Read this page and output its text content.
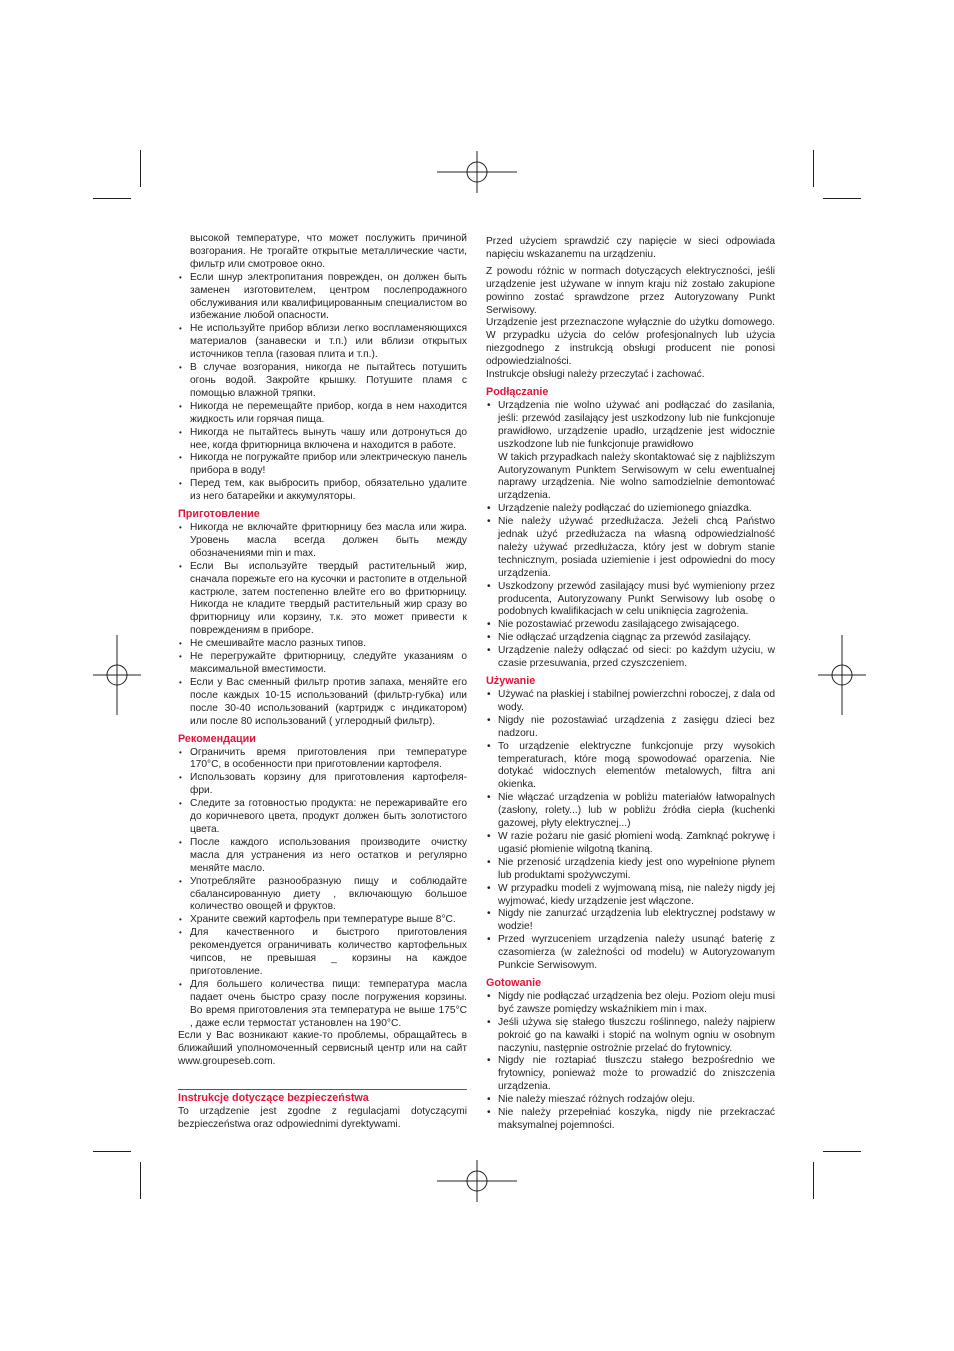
высокой температуре, что может послужить причиной возгорания. Не трогайте открытые металлические части, фильтр или смотровое окно.

• Если шнур электропитания поврежден, он должен быть заменен изготовителем, центром послепродажного обслуживания или квалифицированным специалистом во избежание любой опасности.
• Не используйте прибор вблизи легко воспламеняющихся материалов (занавески и т.п.) или вблизи открытых источников тепла (газовая плита и т.п.).
• В случае возгорания, никогда не пытайтесь потушить огонь водой. Закройте крышку. Потушите пламя с помощью влажной тряпки.
• Никогда не перемещайте прибор, когда в нем находится жидкость или горячая пища.
• Никогда не пытайтесь вынуть чашу или дотронуться до нее, когда фритюрница включена и находится в работе.
• Никогда не погружайте прибор или электрическую панель прибора в воду!
• Перед тем, как выбросить прибор, обязательно удалите из него батарейки и аккумуляторы.
Приготовление
• Никогда не включайте фритюрницу без масла или жира. Уровень масла всегда должен быть между обозначениями min и max.
• Если Вы используйте твердый растительный жир, сначала порежьте его на кусочки и растопите в отдельной кастрюле, затем постепенно влейте его во фритюрницу. Никогда не кладите твердый растительный жир сразу во фритюрницу или корзину, т.к. это может привести к повреждениям в приборе.
• Не смешивайте масло разных типов.
• Не перегружайте фритюрницу, следуйте указаниям о максимальной вместимости.
• Если у Вас сменный фильтр против запаха, меняйте его после каждых 10-15 использований (фильтр-губка) или после 30-40 использований (картридж с индикатором) или после 80 использований ( углеродный фильтр).
Рекомендации
• Ограничить время приготовления при температуре 170°C, в особенности при приготовлении картофеля.
• Использовать корзину для приготовления картофеля-фри.
• Следите за готовностью продукта: не пережаривайте его до коричневого цвета, продукт должен быть золотистого цвета.
• После каждого использования производите очистку масла для устранения из него остатков и регулярно меняйте масло.
• Употребляйте разнообразную пищу и соблюдайте сбалансированную диету , включающую большое количество овощей и фруктов.
• Храните свежий картофель при температуре выше 8°C.
• Для качественного и быстрого приготовления рекомендуется ограничивать количество картофельных чипсов, не превышая _ корзины на каждое приготовление.
• Для большего количества пищи: температура масла падает очень быстро сразу после погружения корзины. Во время приготовления эта температура не выше 175°C , даже если термостат установлен на 190°C.

Если у Вас возникают какие-то проблемы, обращайтесь в ближайший уполномоченный сервисный центр или на сайт www.groupeseb.com.

Instrukcje dotyczące bezpieczeństwa

To urządzenie jest zgodne z regulacjami dotyczącymi bezpieczeństwa oraz odpowiednimi dyrektywami.

Przed użyciem sprawdzić czy napięcie w sieci odpowiada napięciu wskazanemu na urządzeniu.

Z powodu różnic w normach dotyczących elektryczności, jeśli urządzenie jest używane w innym kraju niż zostało zakupione powinno zostać sprawdzone przez Autoryzowany Punkt Serwisowy.

Urządzenie jest przeznaczone wyłącznie do użytku domowego. W przypadku użycia do celów profesjonalnych lub użycia niezgodnego z instrukcją obsługi producent nie ponosi odpowiedzialności.

Instrukcje obsługi należy przeczytać i zachować.

Podłączanie

• Urządzenia nie wolno używać ani podłączać do zasilania, jeśli: przewód zasilający jest uszkodzony lub nie funkcjonuje prawidłowo, urządzenie upadło, urządzenie jest widocznie uszkodzone lub nie funkcjonuje prawidłowo

W takich przypadkach należy skontaktować się z najbliższym Autoryzowanym Punktem Serwisowym w celu ewentualnej naprawy urządzenia. Nie wolno samodzielnie demontować urządzenia.

• Urządzenie należy podłączać do uziemionego gniazdka.
• Nie należy używać przedłużacza. Jeżeli chcą Państwo jednak użyć przedłużacza na własną odpowiedzialność należy używać przedłużacza, który jest w dobrym stanie technicznym, posiada uziemienie i jest odpowiedni do mocy urządzenia.
• Uszkodzony przewód zasilający musi być wymieniony przez producenta, Autoryzowany Punkt Serwisowy lub osobę o podobnych kwalifikacjach w celu uniknięcia zagrożenia.
• Nie pozostawiać przewodu zasilającego zwisającego.
• Nie odłączać urządzenia ciągnąc za przewód zasilający.
• Urządzenie należy odłączać od sieci: po każdym użyciu, w czasie przesuwania, przed czyszczeniem.
Używanie
• Używać na płaskiej i stabilnej powierzchni roboczej, z dala od wody.
• Nigdy nie pozostawiać urządzenia z zasięgu dzieci bez nadzoru.
• To urządzenie elektryczne funkcjonuje przy wysokich temperaturach, które mogą spowodować oparzenia. Nie dotykać widocznych elementów metalowych, filtra ani okienka.
• Nie włączać urządzenia w pobliżu materiałów łatwopalnych (zasłony, rolety...) lub w pobliżu źródła ciepła (kuchenki gazowej, płyty elektrycznej...)
• W razie pożaru nie gasić płomieni wodą. Zamknąć pokrywę i ugasić płomienie wilgotną tkaniną.
• Nie przenosić urządzenia kiedy jest ono wypełnione płynem lub produktami spożywczymi.
• W przypadku modeli z wyjmowaną misą, nie należy nigdy jej wyjmować, kiedy urządzenie jest włączone.
• Nigdy nie zanurzać urządzenia lub elektrycznej podstawy w wodzie!
• Przed wyrzuceniem urządzenia należy usunąć baterię z czasomierza (w zależności od modelu) w Autoryzowanym Punkcie Serwisowym.
Gotowanie
• Nigdy nie podłączać urządzenia bez oleju. Poziom oleju musi być zawsze pomiędzy wskaźnikiem min i max.
• Jeśli używa się stałego tłuszczu roślinnego, należy najpierw pokroić go na kawałki i stopić na wolnym ogniu w osobnym naczyniu, następnie ostrożnie przelać do frytownicy.
• Nigdy nie roztapiać tłuszczu stałego bezpośrednio we frytownicy, ponieważ może to prowadzić do zniszczenia urządzenia.
• Nie należy mieszać różnych rodzajów oleju.
• Nie należy przepełniać koszyka, nigdy nie przekraczać maksymalnej pojemności.
